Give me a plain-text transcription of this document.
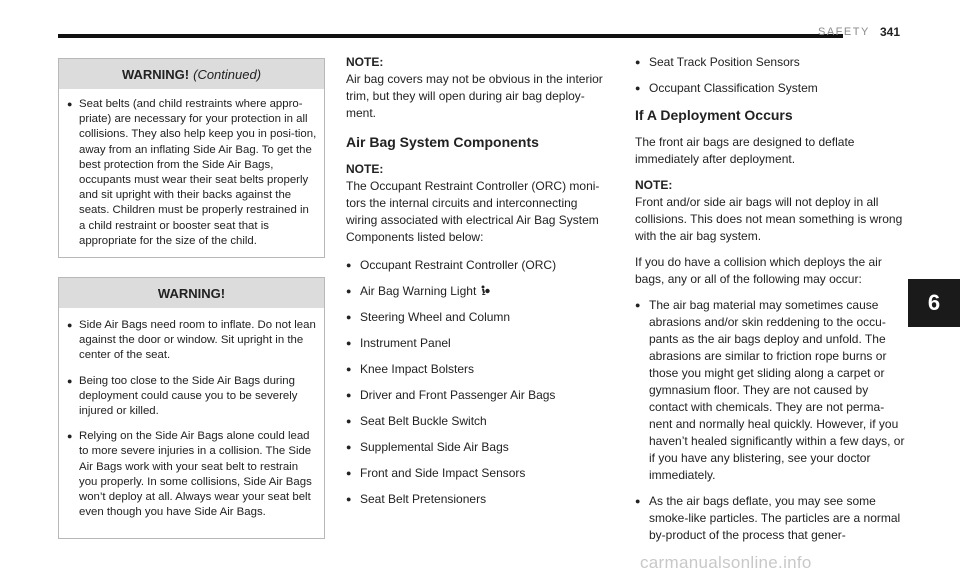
SAFETY 341
6
WARNING! (Continued)
● Seat belts (and child restraints where appro-priate) are necessary for your protection in all collisions. They also help keep you in posi-tion, away from an inflating Side Air Bag. To get the best protection from the Side Air Bags, occupants must wear their seat belts properly and sit upright with their backs against the seats. Children must be properly restrained in a child restraint or booster seat that is appropriate for the size of the child.
WARNING!
● Side Air Bags need room to inflate. Do not lean against the door or window. Sit upright in the center of the seat.
● Being too close to the Side Air Bags during deployment could cause you to be severely injured or killed.
● Relying on the Side Air Bags alone could lead to more severe injuries in a collision. The Side Air Bags work with your seat belt to restrain you properly. In some collisions, Side Air Bags won’t deploy at all. Always wear your seat belt even though you have Side Air Bags.
NOTE:
Air bag covers may not be obvious in the interior trim, but they will open during air bag deploy-ment.
Air Bag System Components
NOTE:
The Occupant Restraint Controller (ORC) moni-tors the internal circuits and interconnecting wiring associated with electrical Air Bag System Components listed below:
● Occupant Restraint Controller (ORC)
● Air Bag Warning Light
● Steering Wheel and Column
● Instrument Panel
● Knee Impact Bolsters
● Driver and Front Passenger Air Bags
● Seat Belt Buckle Switch
● Supplemental Side Air Bags
● Front and Side Impact Sensors
● Seat Belt Pretensioners
● Seat Track Position Sensors
● Occupant Classification System
If A Deployment Occurs
The front air bags are designed to deflate immediately after deployment.
NOTE:
Front and/or side air bags will not deploy in all collisions. This does not mean something is wrong with the air bag system.
If you do have a collision which deploys the air bags, any or all of the following may occur:
● The air bag material may sometimes cause abrasions and/or skin reddening to the occu-pants as the air bags deploy and unfold. The abrasions are similar to friction rope burns or those you might get sliding along a carpet or gymnasium floor. They are not caused by contact with chemicals. They are not perma-nent and normally heal quickly. However, if you haven’t healed significantly within a few days, or if you have any blistering, see your doctor immediately.
● As the air bags deflate, you may see some smoke-like particles. The particles are a normal by-product of the process that gener-
carmanualsonline.info
